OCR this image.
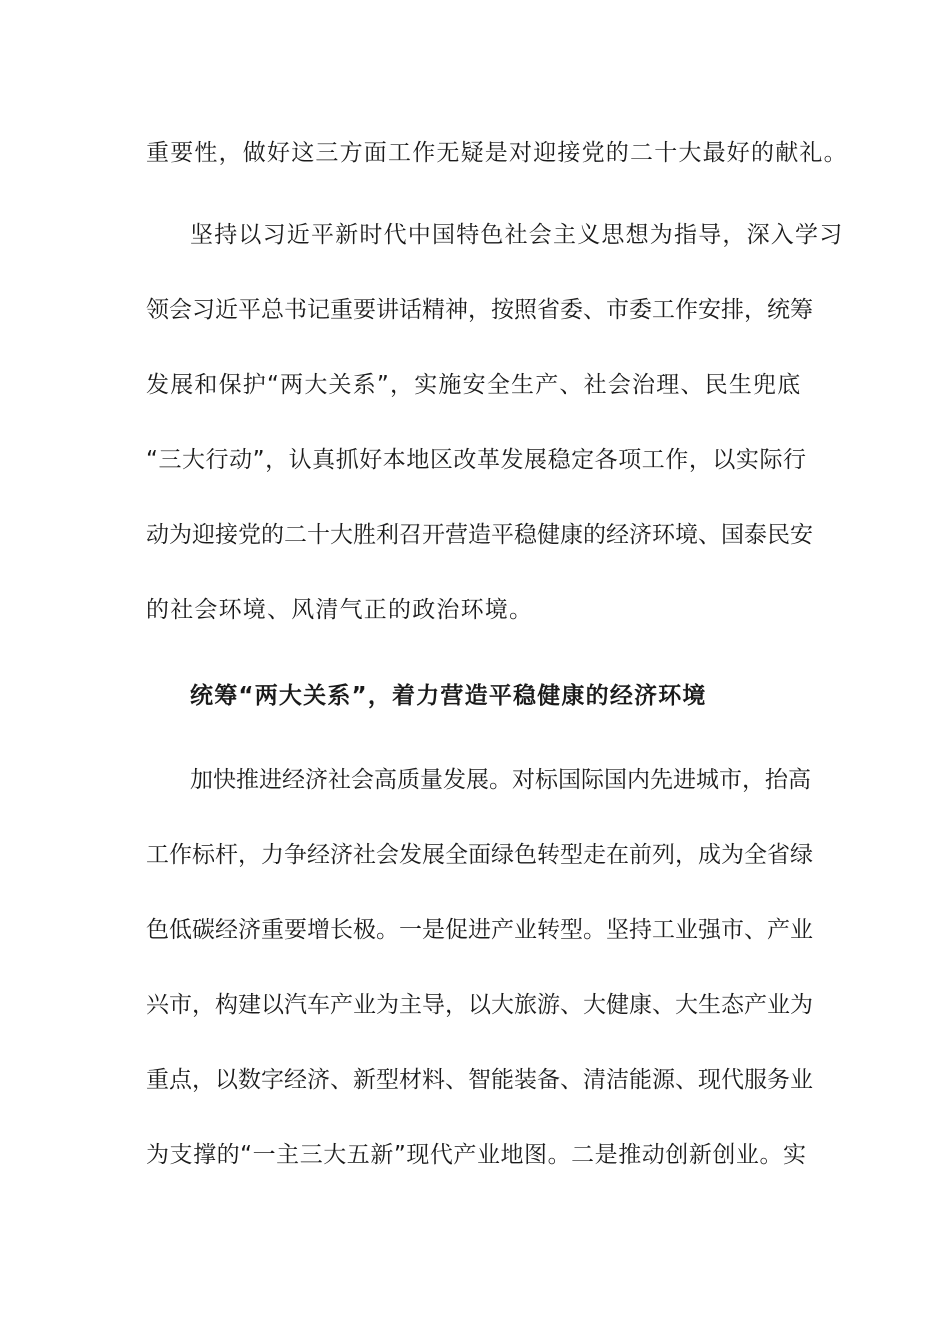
重要性，做好这三方面工作无疑是对迎接党的二十大最好的献礼。
坚持以习近平新时代中国特色社会主义思想为指导，深入学习
领会习近平总书记重要讲话精神，按照省委、市委工作安排，统筹
发展和保护“两大关系”，实施安全生产、社会治理、民生兜底
“三大行动”，认真抓好本地区改革发展稳定各项工作，以实际行
动为迎接党的二十大胜利召开营造平稳健康的经济环境、国泰民安
的社会环境、风清气正的政治环境。
统筹“两大关系”，着力营造平稳健康的经济环境
加快推进经济社会高质量发展。对标国际国内先进城市，抬高
工作标杆，力争经济社会发展全面绿色转型走在前列，成为全省绿
色低碳经济重要增长极。一是促进产业转型。坚持工业强市、产业
兴市，构建以汽车产业为主导，以大旅游、大健康、大生态产业为
重点，以数字经济、新型材料、智能装备、清洁能源、现代服务业
为支撑的“一主三大五新”现代产业地图。二是推动创新创业。实
